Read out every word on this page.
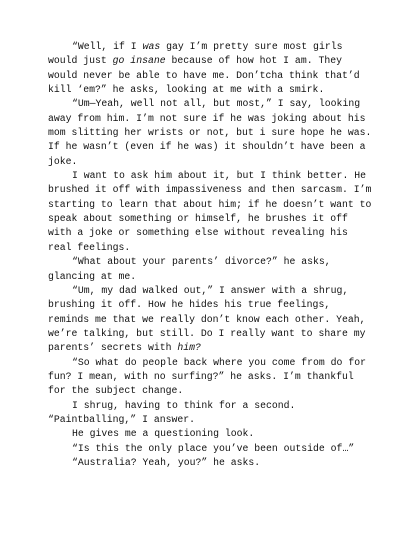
“Well, if I was gay I’m pretty sure most girls would just go insane because of how hot I am. They would never be able to have me. Don’tcha think that’d kill ‘em?” he asks, looking at me with a smirk.

“Um—Yeah, well not all, but most,” I say, looking away from him. I’m not sure if he was joking about his mom slitting her wrists or not, but i sure hope he was. If he wasn’t (even if he was) it shouldn’t have been a joke.

I want to ask him about it, but I think better. He brushed it off with impassiveness and then sarcasm. I’m starting to learn that about him; if he doesn’t want to speak about something or himself, he brushes it off with a joke or something else without revealing his real feelings.

“What about your parents’ divorce?” he asks, glancing at me.

“Um, my dad walked out,” I answer with a shrug, brushing it off. How he hides his true feelings, reminds me that we really don’t know each other. Yeah, we’re talking, but still. Do I really want to share my parents’ secrets with him?

“So what do people back where you come from do for fun? I mean, with no surfing?” he asks. I’m thankful for the subject change.

I shrug, having to think for a second. “Paintballing,” I answer.

He gives me a questioning look.

“Is this the only place you’ve been outside of…”

“Australia? Yeah, you?” he asks.
